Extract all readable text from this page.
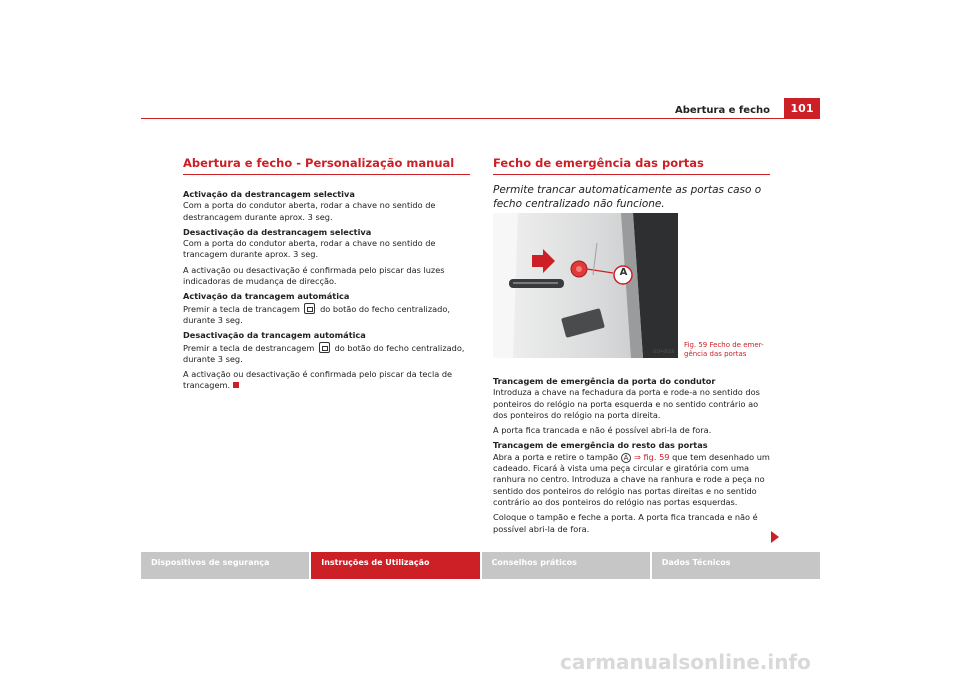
Abertura e fecho	101
Abertura e fecho - Personalização manual

Activação da destrancagem selectiva

Com a porta do condutor aberta, rodar a chave no sentido de destrancagem durante aprox. 3 seg.

Desactivação da destrancagem selectiva

Com a porta do condutor aberta, rodar a chave no sentido de trancagem durante aprox. 3 seg.

A activação ou desactivação é confirmada pelo piscar das luzes indicadoras de mudança de direcção.

Activação da trancagem automática

Premir a tecla de trancagem do botão do fecho centralizado, durante 3 seg.

Desactivação da trancagem automática

Premir a tecla de destrancagem do botão do fecho centralizado, durante 3 seg.

A activação ou desactivação é confirmada pelo piscar da tecla de trancagem.

Fecho de emergência das portas
Permite trancar automaticamente as portas caso o fecho centralizado não funcione.
A
B1P-0026
Fig. 59 Fecho de emer-gência das portas

Trancagem de emergência da porta do condutor

Introduza a chave na fechadura da porta e rode-a no sentido dos ponteiros do relógio na porta esquerda e no sentido contrário ao dos ponteiros do relógio na porta direita.

A porta fica trancada e não é possível abri-la de fora.

Trancagem de emergência do resto das portas

Abra a porta e retire o tampão A ⇒ fig. 59 que tem desenhado um cadeado. Ficará à vista uma peça circular e giratória com uma ranhura no centro. Introduza a chave na ranhura e rode a peça no sentido dos ponteiros do relógio nas portas direitas e no sentido contrário ao dos ponteiros do relógio nas portas esquerdas.

Coloque o tampão e feche a porta. A porta fica trancada e não é possível abri-la de fora.

Dispositivos de segurança	Instruções de Utilização	Conselhos práticos	Dados Técnicos
carmanualsonline.info
